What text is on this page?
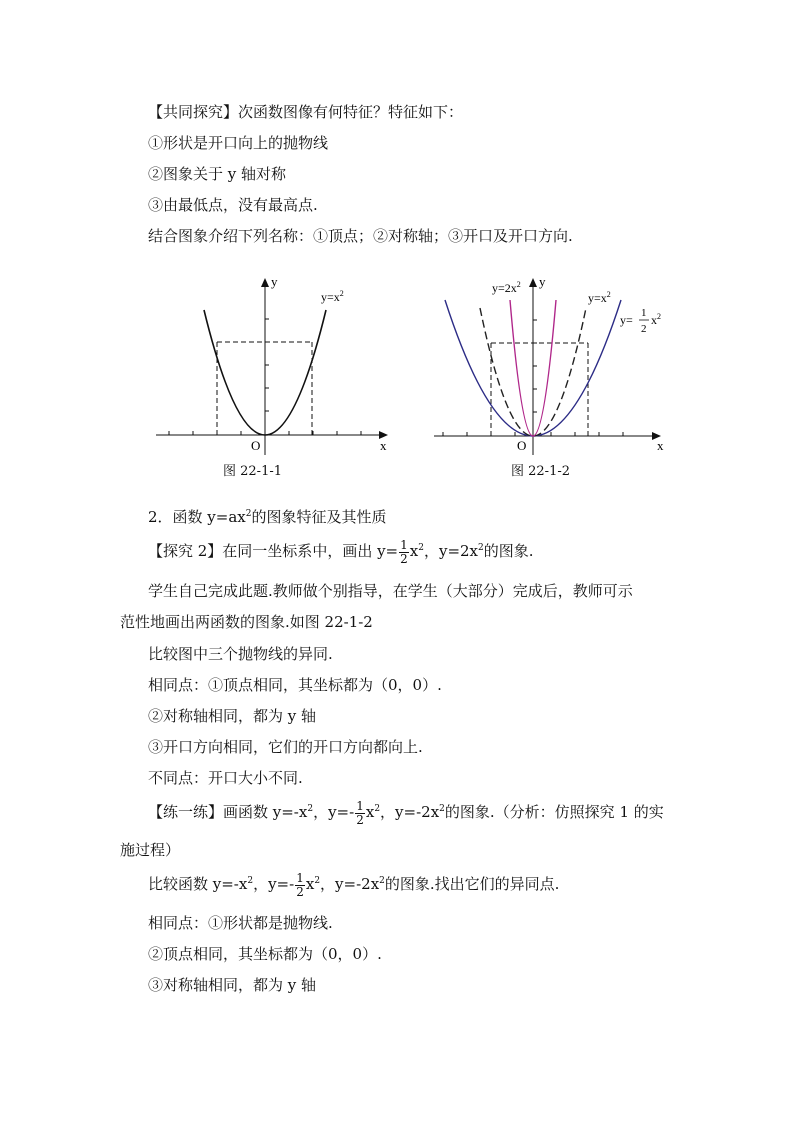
【共同探究】次函数图像有何特征？特征如下：
①形状是开口向上的抛物线
②图象关于 y 轴对称
③由最低点，没有最高点.
结合图象介绍下列名称：①顶点；②对称轴；③开口及开口方向.
y
x
O
$y=x^2$
图 22-1-1
y
x
O
$y=2x^2$
$y=x^2$
y= 1
2
$x^2$
图 22-1-2
2．函数 $y=ax^2$的图象特征及其性质
【探究 2】在同一坐标系中，画出 $y= \frac{1}{2} x^2$，$y=2x^2$的图象.
学生自己完成此题.教师做个别指导，在学生（大部分）完成后，教师可示
范性地画出两函数的图象.如图 22-1-2
比较图中三个抛物线的异同.
相同点：①顶点相同，其坐标都为（0，0）.
②对称轴相同，都为 y 轴
③开口方向相同，它们的开口方向都向上.
不同点：开口大小不同.
【练一练】画函数 $y=-x^2$，$y=- \frac{1}{2} x^2$，$y=-2x^2$的图象.（分析：仿照探究 1 的实
施过程）
比较函数 $y=-x^2$，$y=- \frac{1}{2} x^2$，$y=-2x^2$的图象.找出它们的异同点.
相同点：①形状都是抛物线.
②顶点相同，其坐标都为（0，0）.
③对称轴相同，都为 y 轴
